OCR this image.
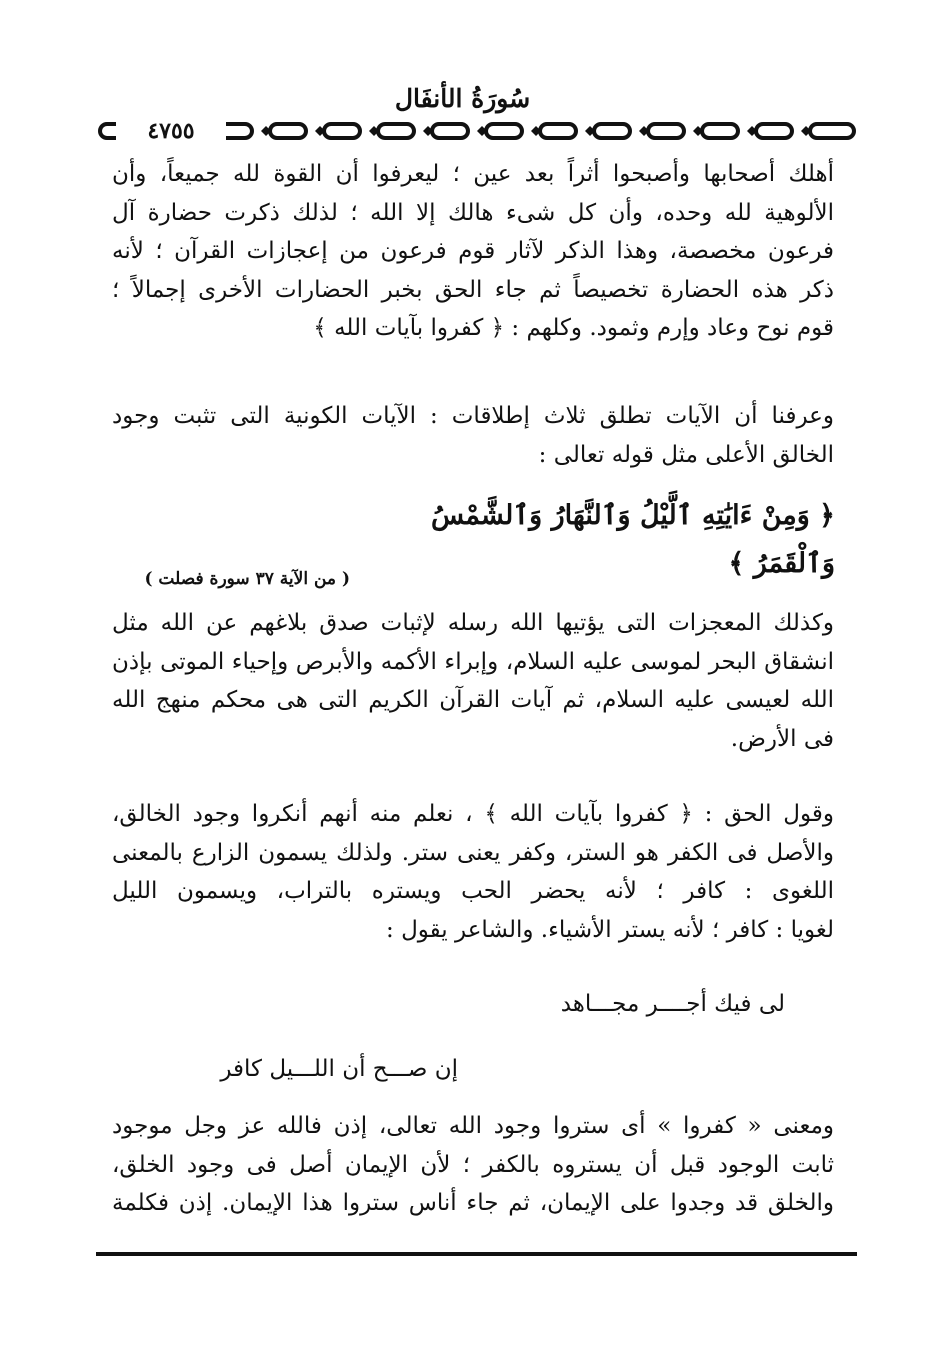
سُورَةُ الأنفَال
٤٧٥٥
أهلك أصحابها وأصبحوا أثراً بعد عين ؛ ليعرفوا أن القوة لله جميعاً، وأن
الألوهية لله وحده، وأن كل شىء هالك إلا الله ؛ لذلك ذكرت حضارة آل
فرعون مخصصة، وهذا الذكر لآثار قوم فرعون من إعجازات القرآن ؛ لأنه
ذكر هذه الحضارة تخصيصاً ثم جاء الحق بخبر الحضارات الأخرى إجمالاً ؛
قوم نوح وعاد وإرم وثمود. وكلهم : ﴿ كفروا بآيات الله ﴾
وعرفنا أن الآيات تطلق ثلاث إطلاقات : الآيات الكونية التى تثبت وجود
الخالق الأعلى مثل قوله تعالى :
﴿ وَمِنْ ءَايَٰتِهِ ٱلَّيْلُ وَٱلنَّهَارُ وَٱلشَّمْسُ وَٱلْقَمَرُ ﴾
( من الآية ٣٧ سورة فصلت )
وكذلك المعجزات التى يؤتيها الله رسله لإثبات صدق بلاغهم عن الله مثل
انشقاق البحر لموسى عليه السلام، وإبراء الأكمه والأبرص وإحياء الموتى بإذن
الله لعيسى عليه السلام، ثم آيات القرآن الكريم التى هى محكم منهج الله
فى الأرض.
وقول الحق : ﴿ كفروا بآيات الله ﴾ ، نعلم منه أنهم أنكروا وجود الخالق،
والأصل فى الكفر هو الستر، وكفر يعنى ستر. ولذلك يسمون الزارع بالمعنى
اللغوى : كافر ؛ لأنه يحضر الحب ويستره بالتراب، ويسمون الليل
لغويا : كافر ؛ لأنه يستر الأشياء. والشاعر يقول :
لى فيك أجــــر مجـــاهد
إن صـــح أن اللـــيل كافر
ومعنى « كفروا » أى ستروا وجود الله تعالى، إذن فالله عز وجل موجود
ثابت الوجود قبل أن يستروه بالكفر ؛ لأن الإيمان أصل فى وجود الخلق،
والخلق قد وجدوا على الإيمان، ثم جاء أناس ستروا هذا الإيمان. إذن فكلمة
